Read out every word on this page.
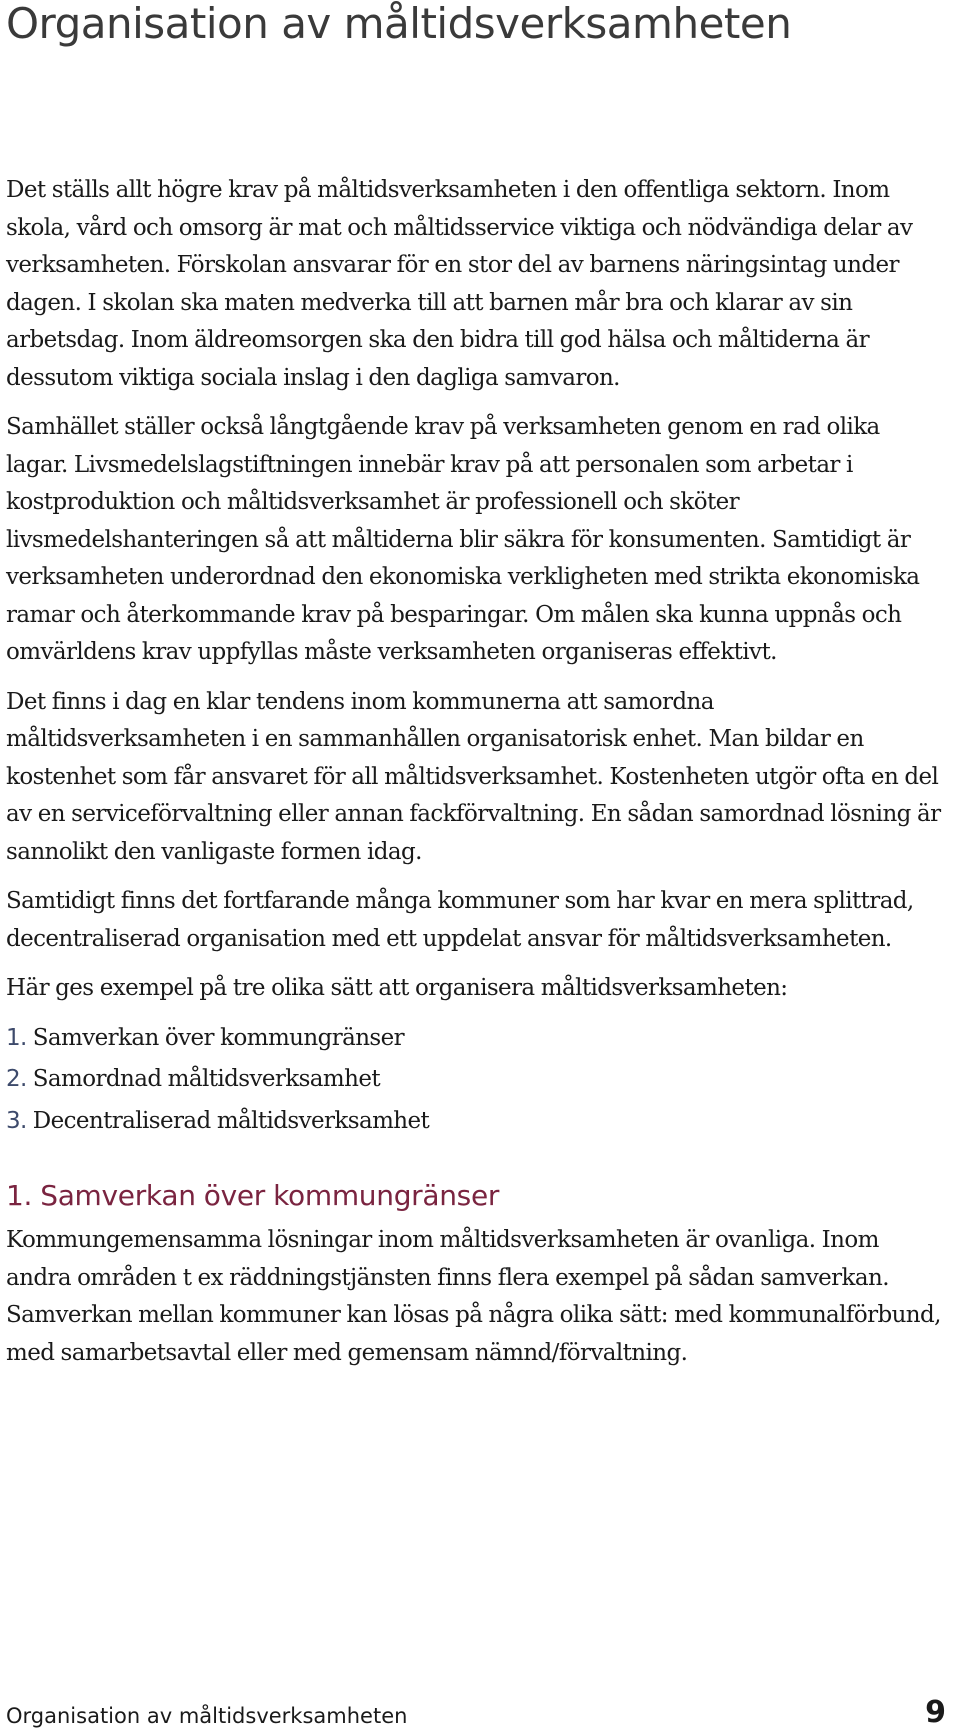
Organisation av måltidsverksamheten

Det ställs allt högre krav på måltidsverksamheten i den offentliga sektorn. Inom skola, vård och omsorg är mat och måltidsservice viktiga och nödvändiga delar av verksamheten. Förskolan ansvarar för en stor del av barnens näringsintag under dagen. I skolan ska maten medverka till att barnen mår bra och klarar av sin arbetsdag. Inom äldreomsorgen ska den bidra till god hälsa och måltiderna är dessutom viktiga sociala inslag i den dagliga samvaron.

Samhället ställer också långtgående krav på verksamheten genom en rad olika lagar. Livsmedelslagstiftningen innebär krav på att personalen som arbetar i kostproduktion och måltidsverksamhet är professionell och sköter livsmedelshanteringen så att måltiderna blir säkra för konsumenten. Samtidigt är verksamheten underordnad den ekonomiska verkligheten med strikta ekonomiska ramar och återkommande krav på besparingar. Om målen ska kunna uppnås och omvärldens krav uppfyllas måste verksamheten organiseras effektivt.

Det finns i dag en klar tendens inom kommunerna att samordna måltidsverksamheten i en sammanhållen organisatorisk enhet. Man bildar en kostenhet som får ansvaret för all måltidsverksamhet. Kostenheten utgör ofta en del av en serviceförvaltning eller annan fackförvaltning. En sådan samordnad lösning är sannolikt den vanligaste formen idag.

Samtidigt finns det fortfarande många kommuner som har kvar en mera splittrad, decentraliserad organisation med ett uppdelat ansvar för måltidsverksamheten.

Här ges exempel på tre olika sätt att organisera måltidsverksamheten:

1. Samverkan över kommungränser
2. Samordnad måltidsverksamhet
3. Decentraliserad måltidsverksamhet
1. Samverkan över kommungränser

Kommungemensamma lösningar inom måltidsverksamheten är ovanliga. Inom andra områden t ex räddningstjänsten finns flera exempel på sådan samverkan. Samverkan mellan kommuner kan lösas på några olika sätt: med kommunalförbund, med samarbetsavtal eller med gemensam nämnd/förvaltning.

Organisation av måltidsverksamheten	9
